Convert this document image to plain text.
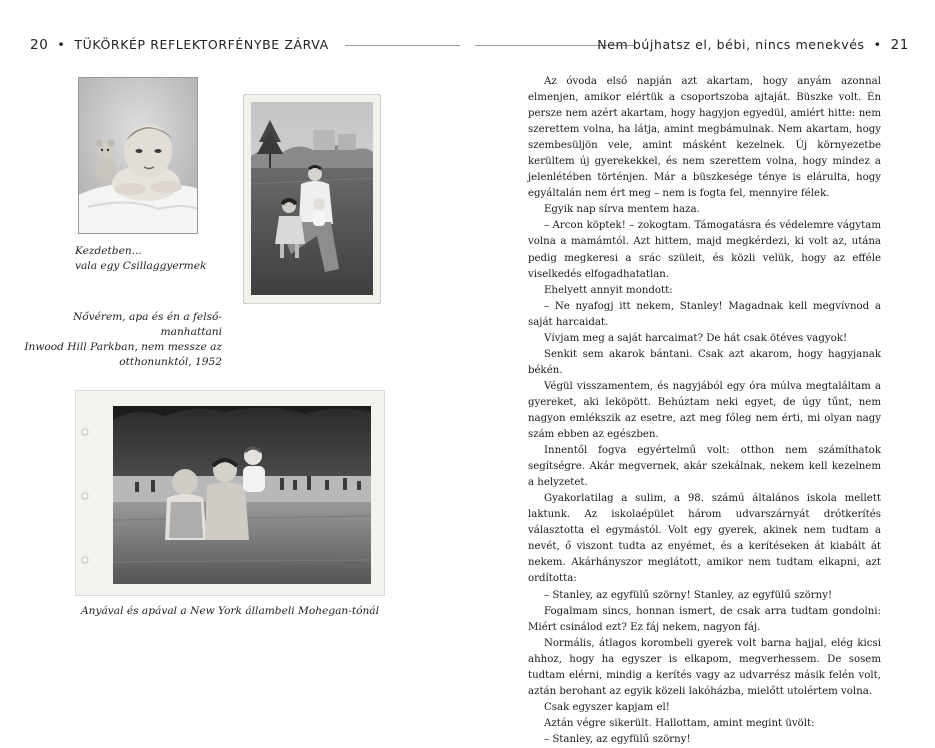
20 • TÜKÖRKÉP REFLEKTORFÉNYBE ZÁRVA	Nem bújhatsz el, bébi, nincs menekvés • 21
Kezdetben...
vala egy Csillaggyermek
Nővérem, apa és én a felső-manhattani
Inwood Hill Parkban, nem messze az
otthonunktól, 1952
Anyával és apával a New York állambeli Mohegan-tónál

Az óvoda első napján azt akartam, hogy anyám azonnal elmenjen, amikor elértük a csoportszoba ajtaját. Büszke volt. Én persze nem azért akartam, hogy hagyjon egyedül, amiért hitte: nem szerettem volna, ha látja, amint megbámulnak. Nem akartam, hogy szembesüljön vele, amint másként kezelnek. Új környezetbe kerültem új gyerekekkel, és nem szerettem volna, hogy mindez a jelenlétében történjen. Már a büszkesége ténye is elárulta, hogy egyáltalán nem ért meg – nem is fogta fel, mennyire félek.

Egyik nap sírva mentem haza.

– Arcon köptek! – zokogtam. Támogatásra és védelemre vágytam volna a mamámtól. Azt hittem, majd megkérdezi, ki volt az, utána pedig megkeresi a srác szüleit, és közli velük, hogy az efféle viselkedés elfogadhatatlan.

Ehelyett annyit mondott:

– Ne nyafogj itt nekem, Stanley! Magadnak kell megvívnod a saját harcaidat.

Vívjam meg a saját harcaimat? De hát csak ötéves vagyok!

Senkit sem akarok bántani. Csak azt akarom, hogy hagyjanak békén.

Végül visszamentem, és nagyjából egy óra múlva megtaláltam a gyereket, aki leköpött. Behúztam neki egyet, de úgy tűnt, nem nagyon emlékszik az esetre, azt meg főleg nem érti, mi olyan nagy szám ebben az egészben.

Innentől fogva egyértelmű volt: otthon nem számíthatok segítségre. Akár megvernek, akár szekálnak, nekem kell kezelnem a helyzetet.

Gyakorlatilag a sulim, a 98. számú általános iskola mellett laktunk. Az iskolaépület három udvarszárnyát drótkerítés választotta el egymástól. Volt egy gyerek, akinek nem tudtam a nevét, ő viszont tudta az enyémet, és a kerítéseken át kiabált át nekem. Akárhányszor meglátott, amikor nem tudtam elkapni, azt ordította:

– Stanley, az egyfülű szörny! Stanley, az egyfülű szörny!

Fogalmam sincs, honnan ismert, de csak arra tudtam gondolni: Miért csinálod ezt? Ez fáj nekem, nagyon fáj.

Normális, átlagos korombeli gyerek volt barna hajjal, elég kicsi ahhoz, hogy ha egyszer is elkapom, megverhessem. De sosem tudtam elérni, mindig a kerítés vagy az udvarrész másik felén volt, aztán berohant az egyik közeli lakóházba, mielőtt utolértem volna.

Csak egyszer kapjam el!

Aztán végre sikerült. Hallottam, amint megint üvölt:

– Stanley, az egyfülű szörny!
